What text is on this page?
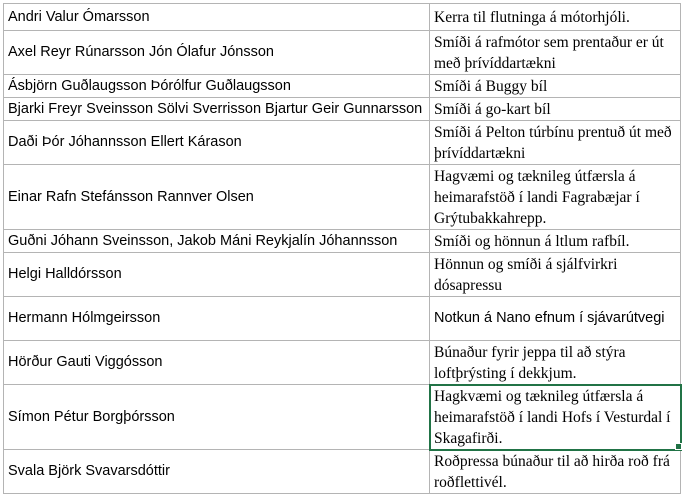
Andri Valur Ómarsson	Kerra til flutninga á mótorhjóli.
Axel Reyr Rúnarsson Jón Ólafur Jónsson	Smíði á rafmótor sem prentaður er út með þrívíddartækni
Ásbjörn Guðlaugsson Þórólfur Guðlaugsson	Smíði á Buggy bíl
Bjarki Freyr Sveinsson Sölvi Sverrisson Bjartur Geir Gunnarsson	Smíði á go-kart bíl
Daði Þór Jóhannsson Ellert Kárason	Smíði á Pelton túrbínu prentuð út með þrívíddartækni
Einar Rafn Stefánsson Rannver Olsen	Hagvæmi og tæknileg útfærsla á heimarafstöð í landi Fagrabæjar í Grýtubakkahrepp.
Guðni Jóhann Sveinsson, Jakob Máni Reykjalín Jóhannsson	Smíði og hönnun á ltlum rafbíl.
Helgi Halldórsson	Hönnun og smíði á sjálfvirkri dósapressu
Hermann Hólmgeirsson	Notkun á Nano efnum í sjávarútvegi
Hörður Gauti Viggósson	Búnaður fyrir jeppa til að stýra loftþrýsting í dekkjum.
Símon Pétur Borgþórsson	Hagkvæmi og tæknileg útfærsla á heimarafstöð í landi Hofs í Vesturdal í Skagafirði.
Svala Björk Svavarsdóttir	Roðpressa búnaður til að hirða roð frá roðflettivél.
